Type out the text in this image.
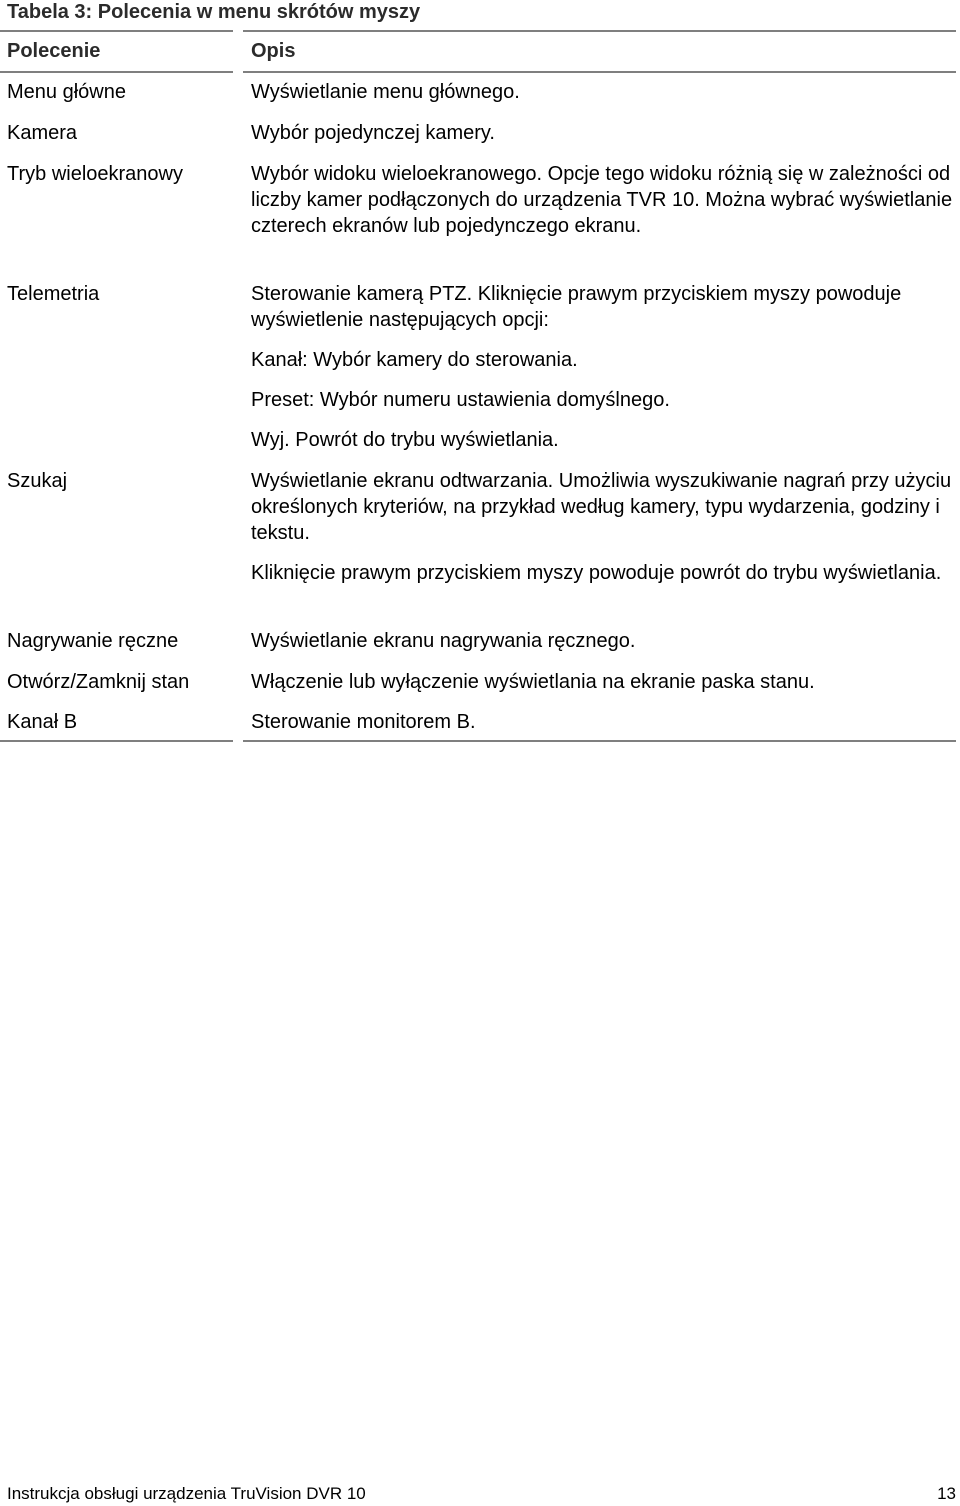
Tabela 3: Polecenia w menu skrótów myszy
Polecenie	Opis
Menu główne	Wyświetlanie menu głównego.

Kamera	Wybór pojedynczej kamery.

Tryb wieloekranowy	Wybór widoku wieloekranowego. Opcje tego widoku różnią się w zależności od liczby kamer podłączonych do urządzenia TVR 10. Można wybrać wyświetlanie czterech ekranów lub pojedynczego ekranu.

Telemetria	Sterowanie kamerą PTZ. Kliknięcie prawym przyciskiem myszy powoduje wyświetlenie następujących opcji:

Kanał: Wybór kamery do sterowania.

Preset: Wybór numeru ustawienia domyślnego.

Wyj. Powrót do trybu wyświetlania.

Szukaj	Wyświetlanie ekranu odtwarzania. Umożliwia wyszukiwanie nagrań przy użyciu określonych kryteriów, na przykład według kamery, typu wydarzenia, godziny i tekstu.

Kliknięcie prawym przyciskiem myszy powoduje powrót do trybu wyświetlania.

Nagrywanie ręczne	Wyświetlanie ekranu nagrywania ręcznego.

Otwórz/Zamknij stan	Włączenie lub wyłączenie wyświetlania na ekranie paska stanu.

Kanał B	Sterowanie monitorem B.

Instrukcja obsługi urządzenia TruVision DVR 10	13
